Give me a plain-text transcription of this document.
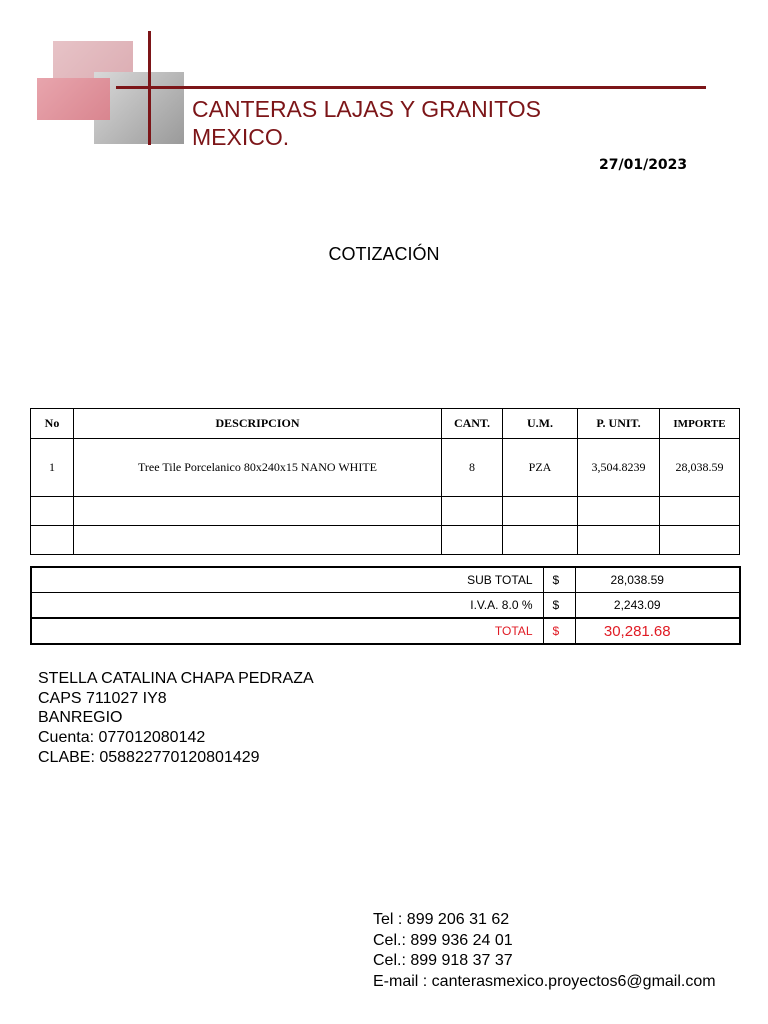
CANTERAS LAJAS Y GRANITOS
MEXICO.
27/01/2023
COTIZACIÓN
No	DESCRIPCION	CANT.	U.M.	P. UNIT.	IMPORTE
1	Tree Tile Porcelanico 80x240x15 NANO WHITE	8	PZA	3,504.8239	28,038.59

SUB TOTAL	$	28,038.59
I.V.A. 8.0 %	$	2,243.09
TOTAL	$	30,281.68
STELLA CATALINA CHAPA PEDRAZA
CAPS 711027 IY8
BANREGIO
Cuenta: 077012080142
CLABE: 058822770120801429
Tel : 899 206 31 62
Cel.: 899 936 24 01
Cel.: 899 918 37 37
E-mail : canterasmexico.proyectos6@gmail.com
